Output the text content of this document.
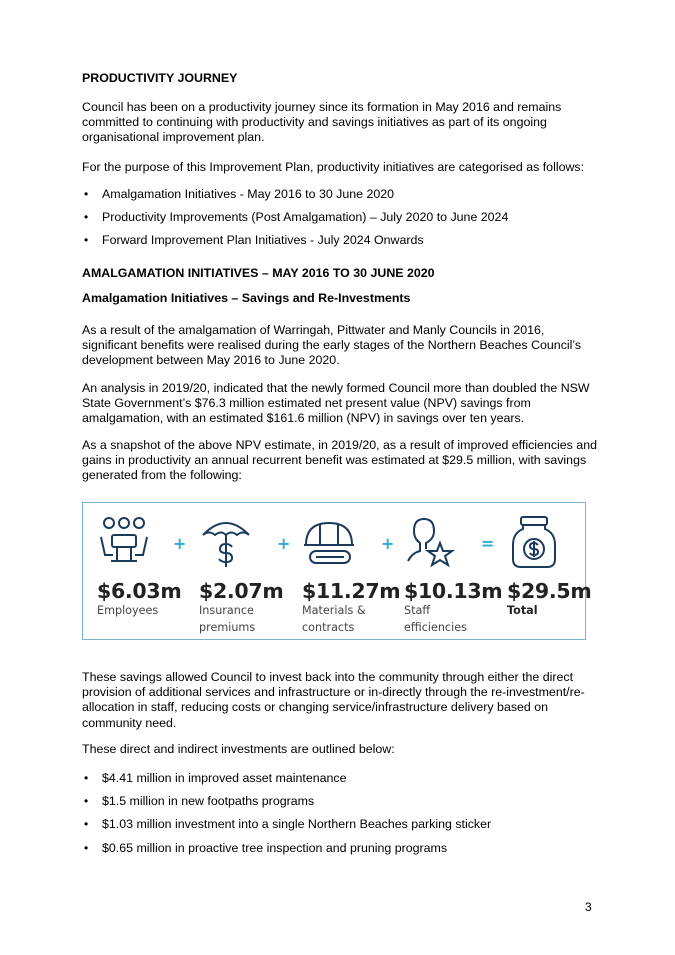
PRODUCTIVITY JOURNEY

Council has been on a productivity journey since its formation in May 2016 and remains committed to continuing with productivity and savings initiatives as part of its ongoing organisational improvement plan.

For the purpose of this Improvement Plan, productivity initiatives are categorised as follows:

• Amalgamation Initiatives - May 2016 to 30 June 2020
• Productivity Improvements (Post Amalgamation) – July 2020 to June 2024
• Forward Improvement Plan Initiatives - July 2024 Onwards
AMALGAMATION INITIATIVES – MAY 2016 TO 30 JUNE 2020
Amalgamation Initiatives – Savings and Re-Investments

As a result of the amalgamation of Warringah, Pittwater and Manly Councils in 2016, significant benefits were realised during the early stages of the Northern Beaches Council’s development between May 2016 to June 2020.

An analysis in 2019/20, indicated that the newly formed Council more than doubled the NSW State Government’s $76.3 million estimated net present value (NPV) savings from amalgamation, with an estimated $161.6 million (NPV) in savings over ten years.

As a snapshot of the above NPV estimate, in 2019/20, as a result of improved efficiencies and gains in productivity an annual recurrent benefit was estimated at $29.5 million, with savings generated from the following:

$6.03m
Employees
+
$2.07m
Insurance
premiums
+
$11.27m
Materials &
contracts
+
$10.13m
Staff
efficiencies
=
$29.5m
Total

These savings allowed Council to invest back into the community through either the direct provision of additional services and infrastructure or in-directly through the re-investment/re-allocation in staff, reducing costs or changing service/infrastructure delivery based on community need.

These direct and indirect investments are outlined below:

• $4.41 million in improved asset maintenance
• $1.5 million in new footpaths programs
• $1.03 million investment into a single Northern Beaches parking sticker
• $0.65 million in proactive tree inspection and pruning programs
3
